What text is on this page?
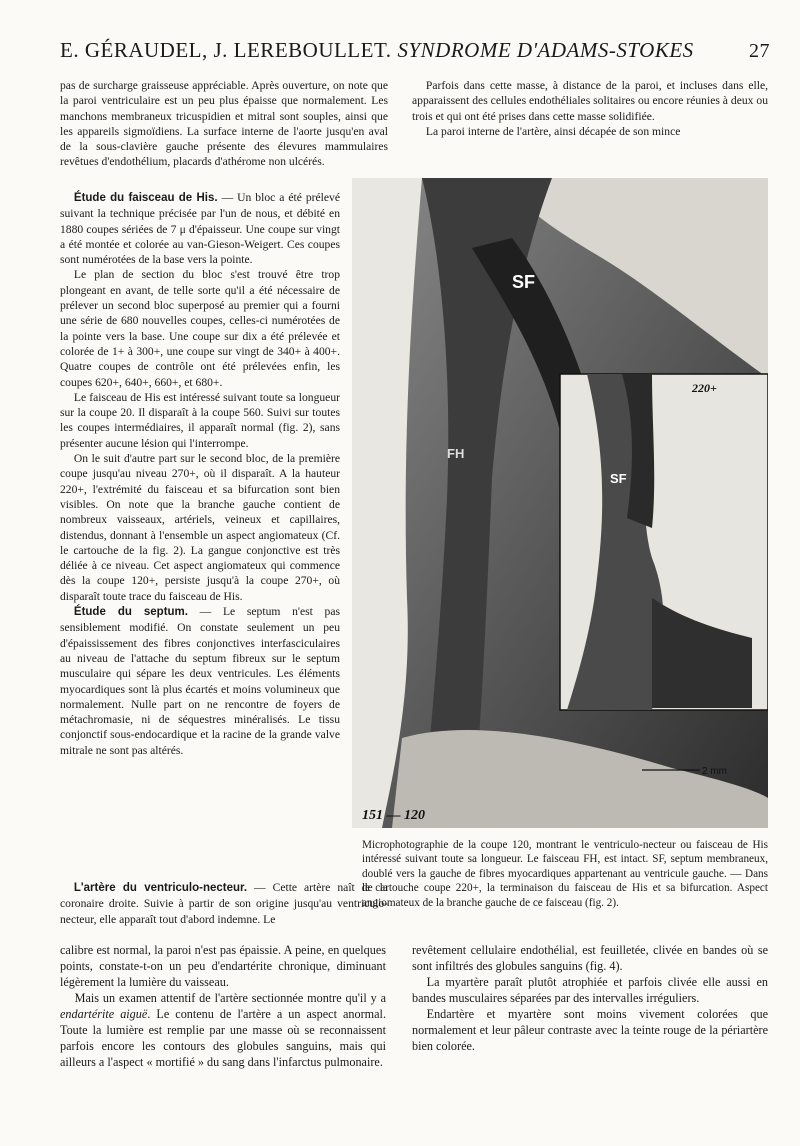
E. GÉRAUDEL, J. LEREBOULLET. SYNDROME D'ADAMS-STOKES	27

pas de surcharge graisseuse appréciable. Après ouverture, on note que la paroi ventriculaire est un peu plus épaisse que normalement. Les manchons membraneux tricuspidien et mitral sont souples, ainsi que les appareils sigmoïdiens. La surface interne de l'aorte jusqu'en aval de la sous-clavière gauche présente des élevures mammulaires revêtues d'endothélium, placards d'athérome non ulcérés.

Étude du faisceau de His. — Un bloc a été prélevé suivant la technique précisée par l'un de nous, et débité en 1880 coupes sériées de 7 μ d'épaisseur. Une coupe sur vingt a été montée et colorée au van-Gieson-Weigert. Ces coupes sont numérotées de la base vers la pointe.

Le plan de section du bloc s'est trouvé être trop plongeant en avant, de telle sorte qu'il a été nécessaire de prélever un second bloc superposé au premier qui a fourni une série de 680 nouvelles coupes, celles-ci numérotées de la pointe vers la base. Une coupe sur dix a été prélevée et colorée de 1+ à 300+, une coupe sur vingt de 340+ à 400+. Quatre coupes de contrôle ont été prélevées enfin, les coupes 620+, 640+, 660+, et 680+.

Le faisceau de His est intéressé suivant toute sa longueur sur la coupe 20. Il disparaît à la coupe 560. Suivi sur toutes les coupes intermédiaires, il apparaît normal (fig. 2), sans présenter aucune lésion qui l'interrompe.

On le suit d'autre part sur le second bloc, de la première coupe jusqu'au niveau 270+, où il disparaît. A la hauteur 220+, l'extrémité du faisceau et sa bifurcation sont bien visibles. On note que la branche gauche contient de nombreux vaisseaux, artériels, veineux et capillaires, distendus, donnant à l'ensemble un aspect angiomateux (Cf. le cartouche de la fig. 2). La gangue conjonctive est très déliée à ce niveau. Cet aspect angiomateux qui commence dès la coupe 120+, persiste jusqu'à la coupe 270+, où disparaît toute trace du faisceau de His.

Étude du septum. — Le septum n'est pas sensiblement modifié. On constate seulement un peu d'épaississement des fibres conjonctives interfasciculaires au niveau de l'attache du septum fibreux sur le septum musculaire qui sépare les deux ventricules. Les éléments myocardiques sont là plus écartés et moins volumineux que normalement. Nulle part on ne rencontre de foyers de métachromasie, ni de séquestres minéralisés. Le tissu conjonctif sous-endocardique et la racine de la grande valve mitrale ne sont pas altérés.

L'artère du ventriculo-necteur. — Cette artère naît de la coronaire droite. Suivie à partir de son origine jusqu'au ventriculo-necteur, elle apparaît tout d'abord indemne. Le

Parfois dans cette masse, à distance de la paroi, et incluses dans elle, apparaissent des cellules endothéliales solitaires ou encore réunies à deux ou trois et qui ont été prises dans cette masse solidifiée.

La paroi interne de l'artère, ainsi décapée de son mince

SF
FH
SF
220+
2 mm
151 — 120

Microphotographie de la coupe 120, montrant le ventriculo-necteur ou faisceau de His intéressé suivant toute sa longueur. Le faisceau FH, est intact. SF, septum membraneux, doublé vers la gauche de fibres myocardiques appartenant au ventricule gauche. — Dans le cartouche coupe 220+, la terminaison du faisceau de His et sa bifurcation. Aspect angiomateux de la branche gauche de ce faisceau (fig. 2).

calibre est normal, la paroi n'est pas épaissie. A peine, en quelques points, constate-t-on un peu d'endartérite chronique, diminuant légèrement la lumière du vaisseau.

Mais un examen attentif de l'artère sectionnée montre qu'il y a endartérite aiguë. Le contenu de l'artère a un aspect anormal. Toute la lumière est remplie par une masse où se reconnaissent parfois encore les contours des globules sanguins, mais qui ailleurs a l'aspect « mortifié » du sang dans l'infarctus pulmonaire.

revêtement cellulaire endothélial, est feuilletée, clivée en bandes où se sont infiltrés des globules sanguins (fig. 4).

La myartère paraît plutôt atrophiée et parfois clivée elle aussi en bandes musculaires séparées par des intervalles irréguliers.

Endartère et myartère sont moins vivement colorées que normalement et leur pâleur contraste avec la teinte rouge de la périartère bien colorée.
